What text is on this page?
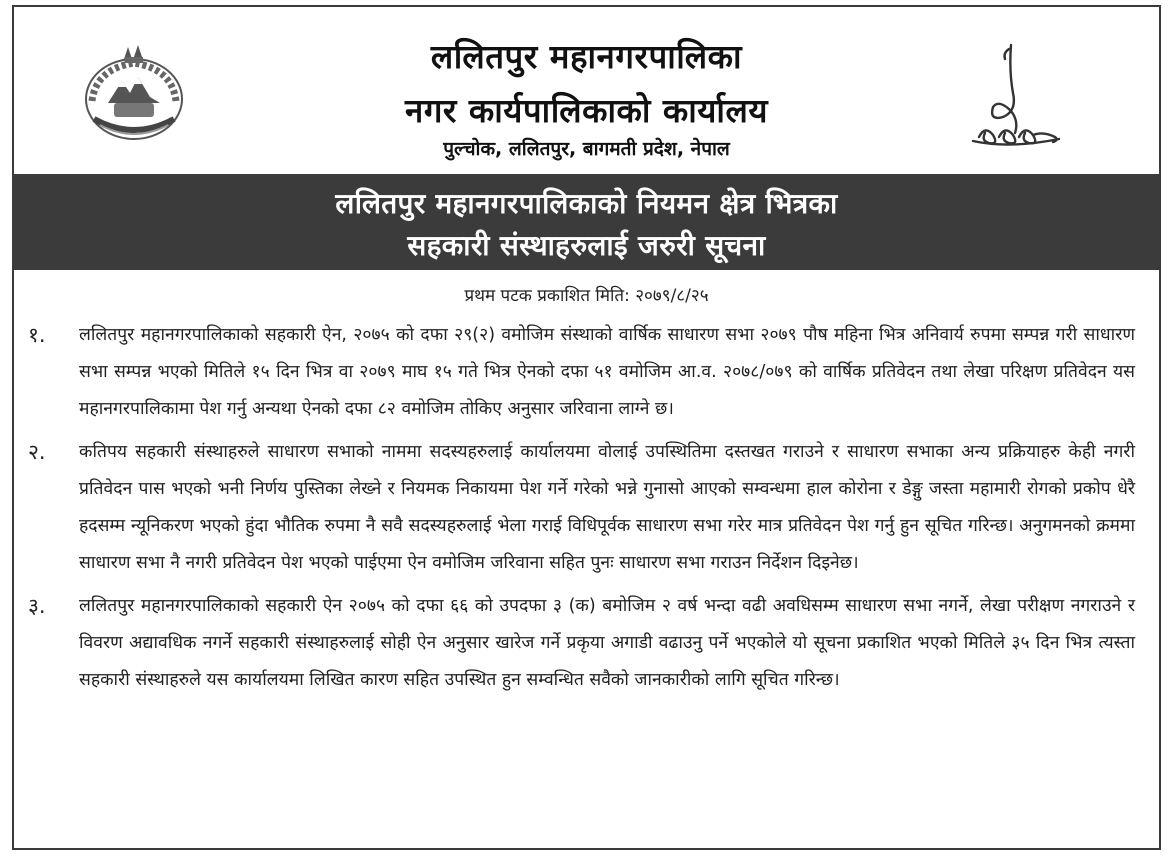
ललितपुर महानगरपालिका
नगर कार्यपालिकाको कार्यालय
पुल्चोक, ललितपुर, बागमती प्रदेश, नेपाल
ललितपुर महानगरपालिकाको नियमन क्षेत्र भित्रका
सहकारी संस्थाहरुलाई जरुरी सूचना
प्रथम पटक प्रकाशित मिति: २०७९/८/२५
१. ललितपुर महानगरपालिकाको सहकारी ऐन, २०७५ को दफा २९(२) वमोजिम संस्थाको वार्षिक साधारण सभा २०७९ पौष महिना भित्र अनिवार्य रुपमा सम्पन्न गरी साधारण सभा सम्पन्न भएको मितिले १५ दिन भित्र वा २०७९ माघ १५ गते भित्र ऐनको दफा ५१ वमोजिम आ.व. २०७८/०७९ को वार्षिक प्रतिवेदन तथा लेखा परिक्षण प्रतिवेदन यस महानगरपालिकामा पेश गर्नु अन्यथा ऐनको दफा ८२ वमोजिम तोकिए अनुसार जरिवाना लाग्ने छ।

२. कतिपय सहकारी संस्थाहरुले साधारण सभाको नाममा सदस्यहरुलाई कार्यालयमा वोलाई उपस्थितिमा दस्तखत गराउने र साधारण सभाका अन्य प्रक्रियाहरु केही नगरी प्रतिवेदन पास भएको भनी निर्णय पुस्तिका लेख्ने र नियमक निकायमा पेश गर्ने गरेको भन्ने गुनासो आएको सम्वन्धमा हाल कोरोना र डेङ्गु जस्ता महामारी रोगको प्रकोप धेरै हदसम्म न्यूनिकरण भएको हुंदा भौतिक रुपमा नै सवै सदस्यहरुलाई भेला गराई विधिपूर्वक साधारण सभा गरेर मात्र प्रतिवेदन पेश गर्नु हुन सूचित गरिन्छ। अनुगमनको क्रममा साधारण सभा नै नगरी प्रतिवेदन पेश भएको पाईएमा ऐन वमोजिम जरिवाना सहित पुनः साधारण सभा गराउन निर्देशन दिइनेछ।

३. ललितपुर महानगरपालिकाको सहकारी ऐन २०७५ को दफा ६६ को उपदफा ३ (क) बमोजिम २ वर्ष भन्दा वढी अवधिसम्म साधारण सभा नगर्ने, लेखा परीक्षण नगराउने र विवरण अद्यावधिक नगर्ने सहकारी संस्थाहरुलाई सोही ऐन अनुसार खारेज गर्ने प्रकृया अगाडी वढाउनु पर्ने भएकोले यो सूचना प्रकाशित भएको मितिले ३५ दिन भित्र त्यस्ता सहकारी संस्थाहरुले यस कार्यालयमा लिखित कारण सहित उपस्थित हुन सम्वन्धित सवैको जानकारीको लागि सूचित गरिन्छ।
